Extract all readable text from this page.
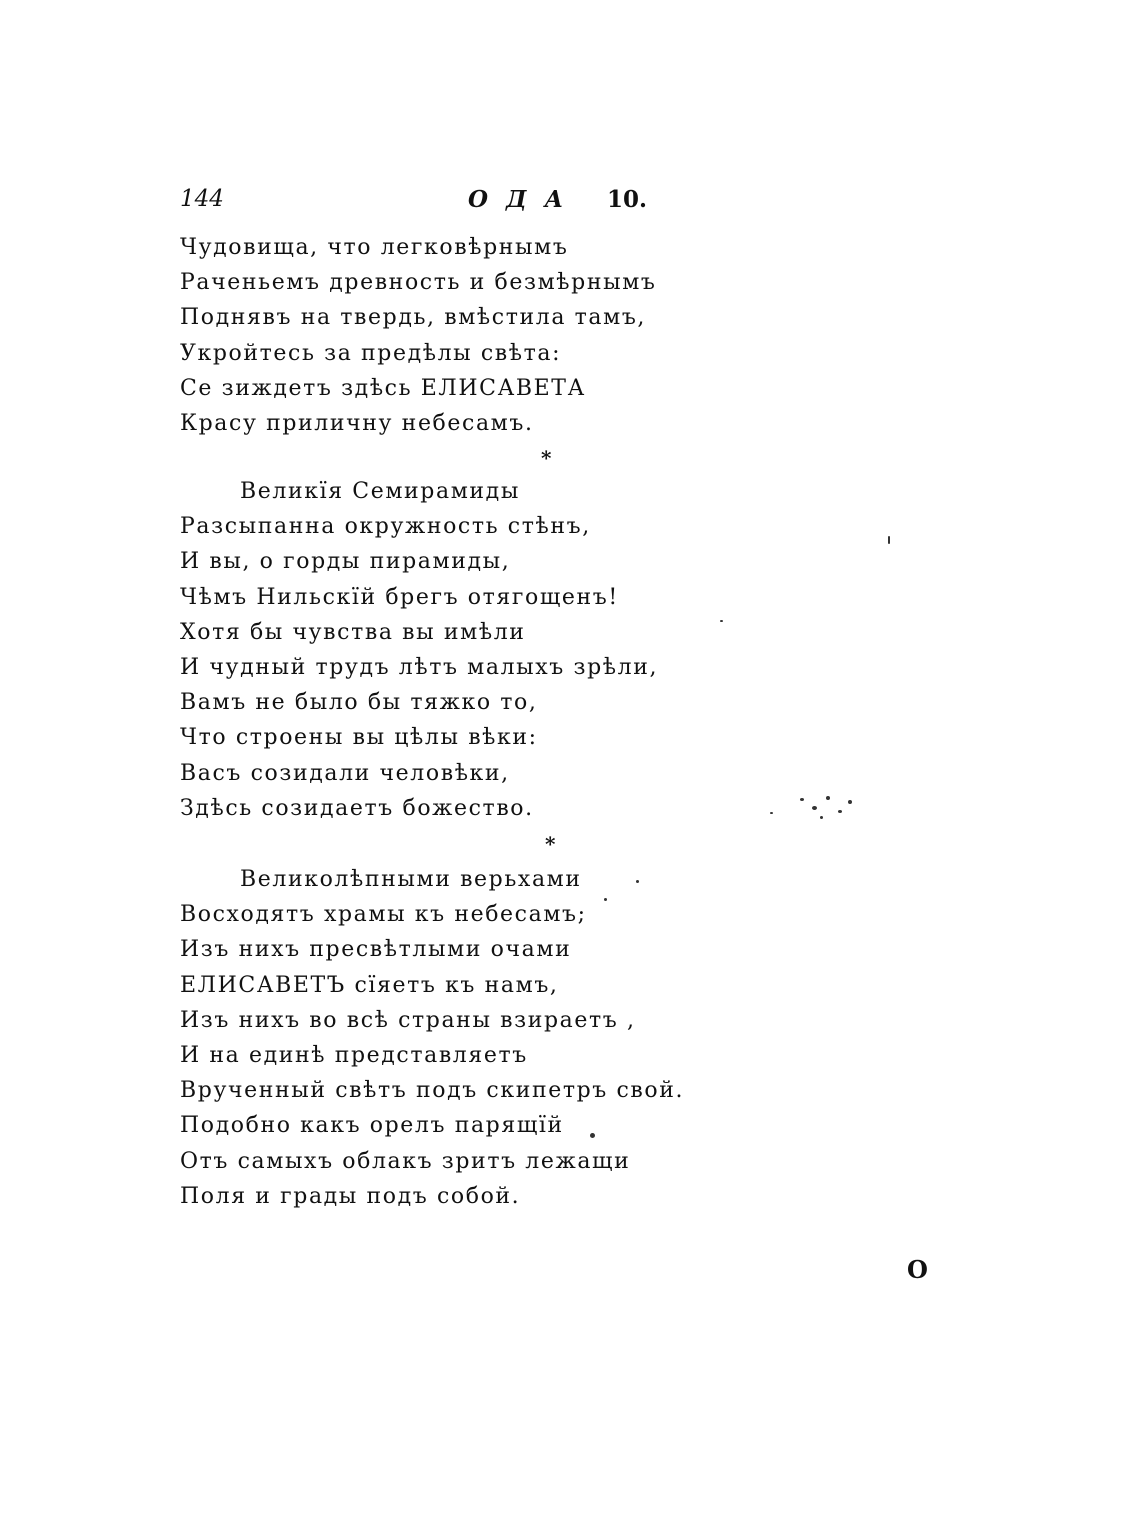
144	ОДА 10.
Чудовища, что легковѣрнымъ
Раченьемъ древность и безмѣрнымъ
Поднявъ на твердь, вмѣстила тамъ,
Укройтесь за предѣлы свѣта:
Се зиждетъ здѣсь ЕЛИСАВЕТА
Красу приличну небесамъ.
*
Великїя Семирамиды
Разсыпанна окружность стѣнъ,
И вы, о горды пирамиды,
Чѣмъ Нильскїй брегъ отягощенъ!
Хотя бы чувства вы имѣли
И чудный трудъ лѣтъ малыхъ зрѣли,
Вамъ не было бы тяжко то,
Что строены вы цѣлы вѣки:
Васъ созидали человѣки,
Здѣсь созидаетъ божество.
*
Великолѣпными верьхами
Восходятъ храмы къ небесамъ;
Изъ нихъ пресвѣтлыми очами
ЕЛИСАВЕТЪ сїяетъ къ намъ,
Изъ нихъ во всѣ страны взираетъ ,
И на единѣ представляетъ
Врученный свѣтъ подъ скипетръ свой.
Подобно какъ орелъ парящїй
Отъ самыхъ облакъ зритъ лежащи
Поля и грады подъ собой.
О
